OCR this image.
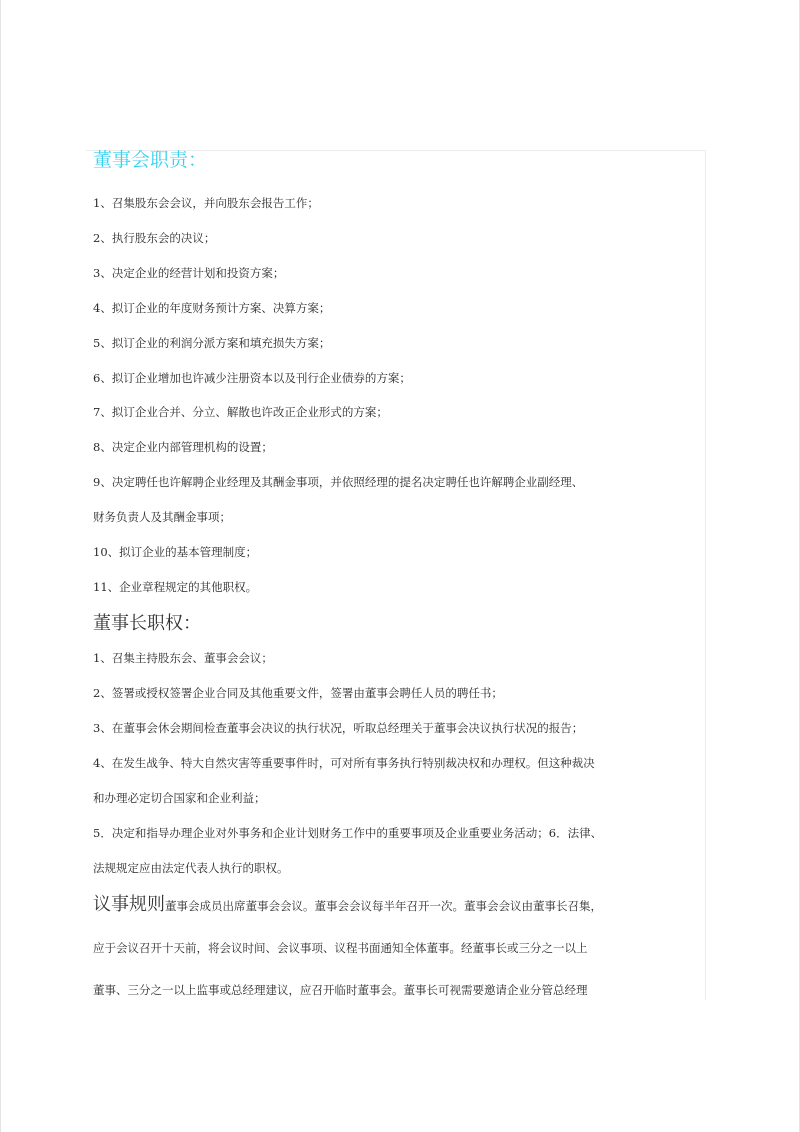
董事会职责：
1、召集股东会会议，并向股东会报告工作；
2、执行股东会的决议；
3、决定企业的经营计划和投资方案；
4、拟订企业的年度财务预计方案、决算方案；
5、拟订企业的利润分派方案和填充损失方案；
6、拟订企业增加也许减少注册资本以及刊行企业债券的方案；
7、拟订企业合并、分立、解散也许改正企业形式的方案；
8、决定企业内部管理机构的设置；
9、决定聘任也许解聘企业经理及其酬金事项，并依照经理的提名决定聘任也许解聘企业副经理、
财务负责人及其酬金事项；
10、拟订企业的基本管理制度；
11、企业章程规定的其他职权。
董事长职权：
1、召集主持股东会、董事会会议；
2、签署或授权签署企业合同及其他重要文件，签署由董事会聘任人员的聘任书；
3、在董事会休会期间检查董事会决议的执行状况，听取总经理关于董事会决议执行状况的报告；
4、在发生战争、特大自然灾害等重要事件时，可对所有事务执行特别裁决权和办理权。但这种裁决
和办理必定切合国家和企业利益；
5．决定和指导办理企业对外事务和企业计划财务工作中的重要事项及企业重要业务活动；6．法律、
法规规定应由法定代表人执行的职权。
议事规则董事会成员出席董事会会议。董事会会议每半年召开一次。董事会会议由董事长召集，
应于会议召开十天前，将会议时间、会议事项、议程书面通知全体董事。经董事长或三分之一以上
董事、三分之一以上监事或总经理建议，应召开临时董事会。董事长可视需要邀请企业分管总经理
